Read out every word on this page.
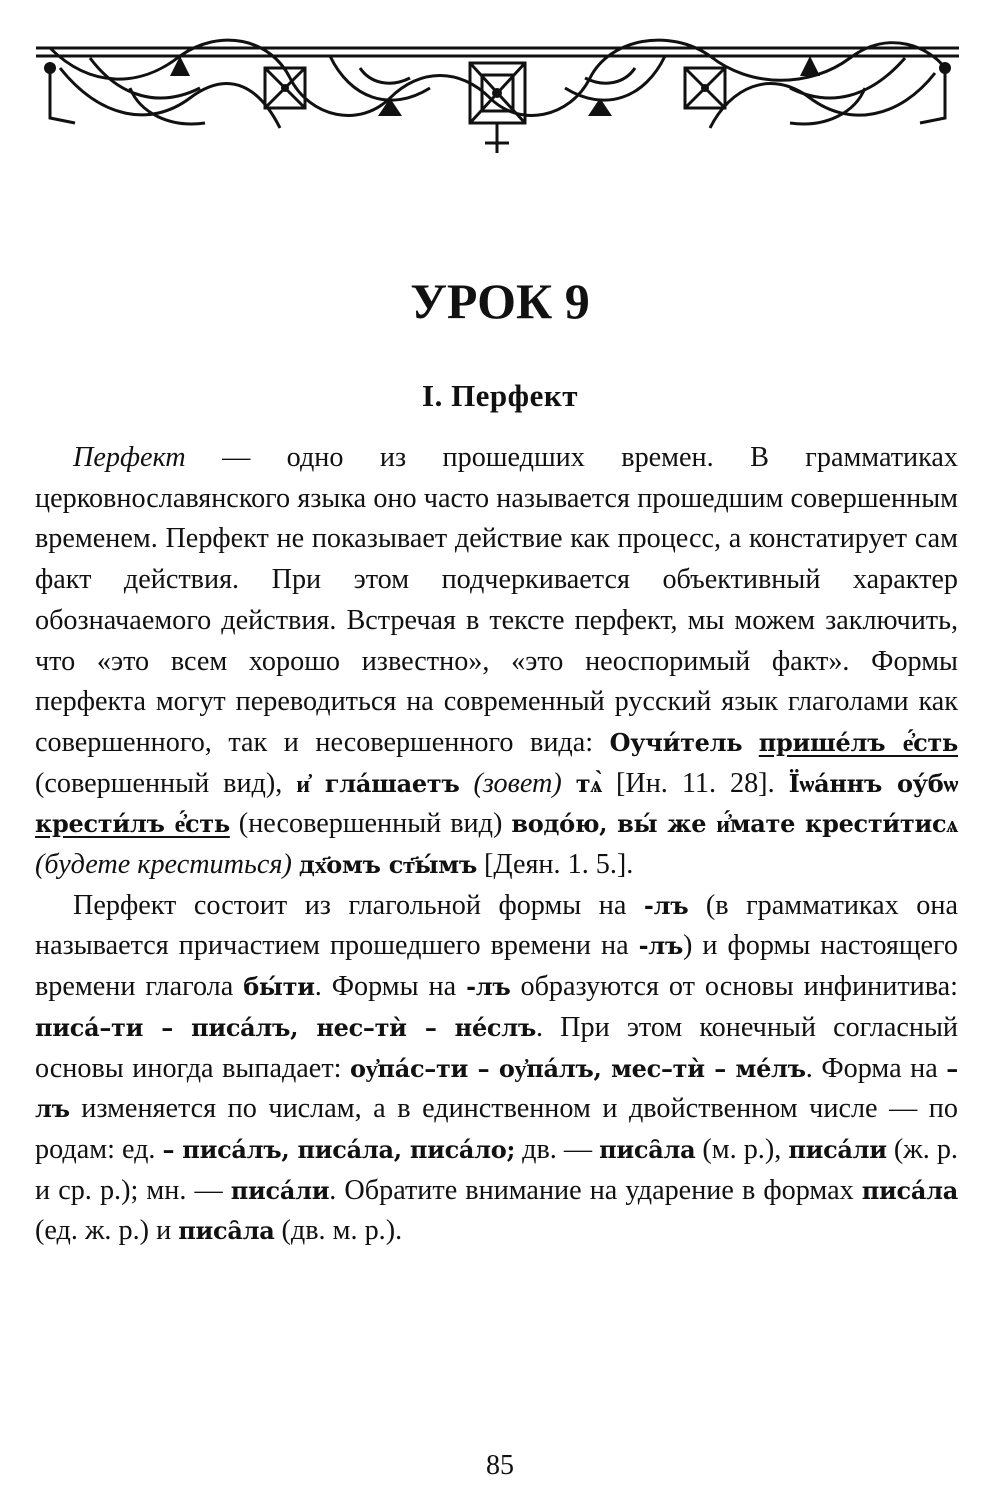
УРОК 9
I. Перфект

Перфект — одно из прошедших времен. В грамматиках церковнославянского языка оно часто называется прошедшим совершенным временем. Перфект не показывает действие как процесс, а констатирует сам факт действия. При этом подчеркивается объективный характер обозначаемого действия. Встречая в тексте перфект, мы можем заключить, что «это всем хорошо известно», «это неоспоримый факт». Формы перфекта могут переводиться на современный русский язык глаголами как совершенного, так и несовершенного вида: Оучи́тель прише́лъ е҆́сть (совершенный вид), и҆ гла́шаетъ (зовет) тѧ̀ [Ин. 11. 28]. Їѡа́ннъ оу́бѡ крести́лъ е҆́сть (несовершенный вид) водо́ю, вы́ же и҆́мате крести́тисѧ (будете креститься) дх҃омъ ст҃ы́мъ [Деян. 1. 5.].

Перфект состоит из глагольной формы на -лъ (в грамматиках она называется причастием прошедшего времени на -лъ) и формы настоящего времени глагола бы́ти. Формы на -лъ образуются от основы инфинитива: писа́–ти – писа́лъ, нес–тѝ – не́слъ. При этом конечный согласный основы иногда выпадает: оу҆па́с–ти – оу҆па́лъ, мес–тѝ – ме́лъ. Форма на –лъ изменяется по числам, а в единственном и двойственном числе — по родам: ед. – писа́лъ, писа́ла, писа́ло; дв. — писа̑ла (м. р.), писа́ли (ж. р. и ср. р.); мн. — писа́ли. Обратите внимание на ударение в формах писа́ла (ед. ж. р.) и писа̑ла (дв. м. р.).

85
